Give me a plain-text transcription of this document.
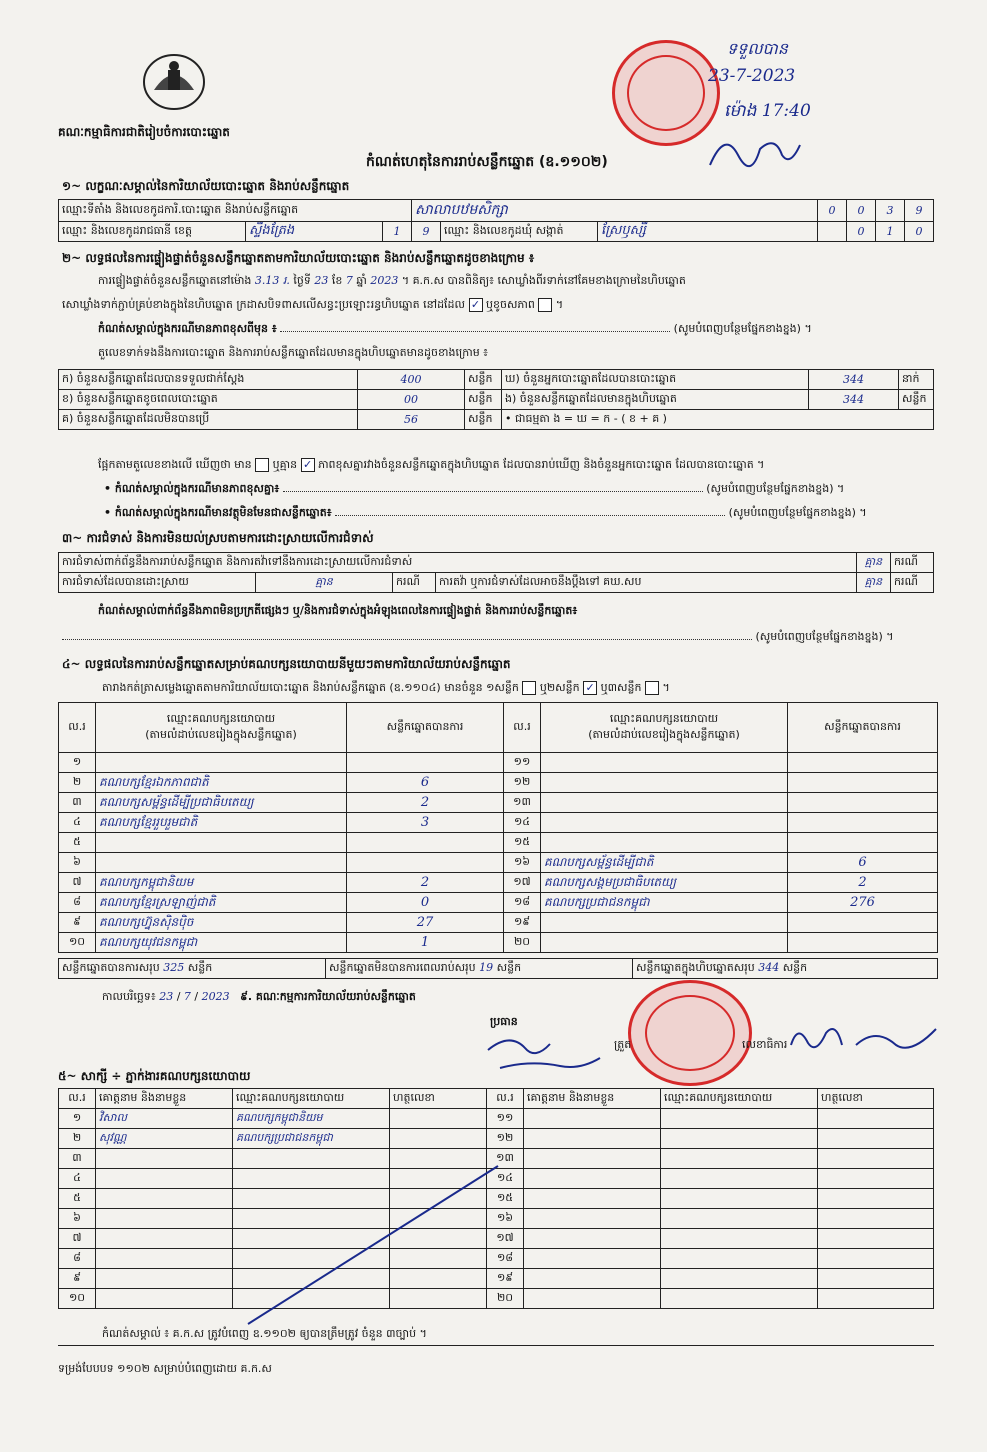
គណៈកម្មាធិការជាតិរៀបចំការបោះឆ្នោត
ទទួលបាន
23-7-2023
ម៉ោង 17:40
កំណត់ហេតុនៃការរាប់សន្លឹកឆ្នោត (ឧ.១១០២)
១~ លក្ខណៈសម្គាល់នៃការិយាល័យបោះឆ្នោត និងរាប់សន្លឹកឆ្នោត
ឈ្មោះទីតាំង និងលេខកូដការិ.បោះឆ្នោត និងរាប់សន្លឹកឆ្នោត			សាលាបឋមសិក្សា			0	0	3	9
ឈ្មោះ និងលេខកូដរាជធានី ខេត្ត	ស្ទឹងត្រែង	1	9	ឈ្មោះ និងលេខកូដឃុំ សង្កាត់	ស្រែឫស្សី		0	1	0
២~ លទ្ធផលនៃការផ្ទៀងផ្ទាត់ចំនួនសន្លឹកឆ្នោតតាមការិយាល័យបោះឆ្នោត និងរាប់សន្លឹកឆ្នោតដូចខាងក្រោម ៖
ការផ្ទៀងផ្ទាត់ចំនួនសន្លឹកឆ្នោតនៅម៉ោង 3.13 រ. ថ្ងៃទី 23 ខែ 7 ឆ្នាំ 2023 ។ គ.ក.ស បានពិនិត្យ៖ សោឃ្លាំងពីរទាក់នៅគែមខាងក្រោមនៃហិបឆ្នោត
សោឃ្លាំងទាក់ភ្ជាប់គ្រប់ខាងក្នុងនៃហិបឆ្នោត ក្រដាសបិទពាសលើសន្ធះប្រឡោះរន្ធហិបឆ្នោត នៅដដែល ✓ ឬខូចសភាព ។
កំណត់សម្គាល់ក្នុងករណីមានភាពខុសពីមុន ៖	(សូមបំពេញបន្ថែមផ្នែកខាងខ្នង) ។
តួលេខទាក់ទងនឹងការបោះឆ្នោត និងការរាប់សន្លឹកឆ្នោតដែលមានក្នុងហិបឆ្នោតមានដូចខាងក្រោម ៖
ក) ចំនួនសន្លឹកឆ្នោតដែលបានទទួលជាក់ស្តែង	400	សន្លឹក	ឃ) ចំនួនអ្នកបោះឆ្នោតដែលបានបោះឆ្នោត	344	នាក់
ខ) ចំនួនសន្លឹកឆ្នោតខូចពេលបោះឆ្នោត	00	សន្លឹក	ង) ចំនួនសន្លឹកឆ្នោតដែលមានក្នុងហិបឆ្នោត	344	សន្លឹក
គ) ចំនួនសន្លឹកឆ្នោតដែលមិនបានប្រើ	56	សន្លឹក	• ជាធម្មតា ង = ឃ = ក - ( ខ + គ )		
ផ្អែកតាមតួលេខខាងលើ ឃើញថា មាន ឬគ្មាន ✓ ភាពខុសគ្នារវាងចំនួនសន្លឹកឆ្នោតក្នុងហិបឆ្នោត ដែលបានរាប់ឃើញ និងចំនួនអ្នកបោះឆ្នោត ដែលបានបោះឆ្នោត ។
• កំណត់សម្គាល់ក្នុងករណីមានភាពខុសគ្នា៖	(សូមបំពេញបន្ថែមផ្នែកខាងខ្នង) ។
• កំណត់សម្គាល់ក្នុងករណីមានវត្ថុមិនមែនជាសន្លឹកឆ្នោត៖	(សូមបំពេញបន្ថែមផ្នែកខាងខ្នង) ។
៣~ ការជំទាស់ និងការមិនយល់ស្របតាមការដោះស្រាយលើការជំទាស់
ការជំទាស់ពាក់ព័ន្ធនឹងការរាប់សន្លឹកឆ្នោត និងការតវ៉ាទៅនឹងការដោះស្រាយលើការជំទាស់				គ្មាន	ករណី
ការជំទាស់ដែលបានដោះស្រាយ	គ្មាន	ករណី	ការតវ៉ា ឬការជំទាស់ដែលអាចនឹងប្តឹងទៅ គឃ.សប	គ្មាន	ករណី
កំណត់សម្គាល់ពាក់ព័ន្ធនឹងភាពមិនប្រក្រតីផ្សេងៗ ឬ/និងការជំទាស់ក្នុងអំឡុងពេលនៃការផ្ទៀងផ្ទាត់ និងការរាប់សន្លឹកឆ្នោត៖
(សូមបំពេញបន្ថែមផ្នែកខាងខ្នង) ។
៤~ លទ្ធផលនៃការរាប់សន្លឹកឆ្នោតសម្រាប់គណបក្សនយោបាយនីមួយៗតាមការិយាល័យរាប់សន្លឹកឆ្នោត
តារាងកត់ត្រាសម្លេងឆ្នោតតាមការិយាល័យបោះឆ្នោត និងរាប់សន្លឹកឆ្នោត (ឧ.១១០៤) មានចំនួន ១សន្លឹក ឬ២សន្លឹក ✓ ឬ៣សន្លឹក ។
ល.រ	ឈ្មោះគណបក្សនយោបាយ
(តាមលំដាប់លេខរៀងក្នុងសន្លឹកឆ្នោត)	សន្លឹកឆ្នោតបានការ	ល.រ	ឈ្មោះគណបក្សនយោបាយ
(តាមលំដាប់លេខរៀងក្នុងសន្លឹកឆ្នោត)	សន្លឹកឆ្នោតបានការ
១			១១		
២	គណបក្សខ្មែរឯកភាពជាតិ	6	១២		
៣	គណបក្សសម្ព័ន្ធដើម្បីប្រជាធិបតេយ្យ	2	១៣		
៤	គណបក្សខ្មែររួបរួមជាតិ	3	១៤		
៥			១៥		
៦			១៦	គណបក្សសម្ព័ន្ធដើម្បីជាតិ	6
៧	គណបក្សកម្ពុជានិយម	2	១៧	គណបក្សសង្គមប្រជាធិបតេយ្យ	2
៨	គណបក្សខ្មែរស្រឡាញ់ជាតិ	0	១៨	គណបក្សប្រជាជនកម្ពុជា	276
៩	គណបក្សហ្វ៊ុនស៊ិនប៉ិច	27	១៩		
១០	គណបក្សយុវជនកម្ពុជា	1	២០		
សន្លឹកឆ្នោតបានការសរុប 325 សន្លឹក	សន្លឹកឆ្នោតមិនបានការពេលរាប់សរុប 19 សន្លឹក	សន្លឹកឆ្នោតក្នុងហិបឆ្នោតសរុប 344 សន្លឹក
កាលបរិច្ឆេទ៖ 23 / 7 / 2023 ៩. គណៈកម្មការការិយាល័យរាប់សន្លឹកឆ្នោត
ប្រធាន
ត្រួត	លេខាធិការ
៥~ សាក្សី ÷ ភ្នាក់ងារគណបក្សនយោបាយ
ល.រ	គោត្តនាម និងនាមខ្លួន	ឈ្មោះគណបក្សនយោបាយ	ហត្ថលេខា	ល.រ	គោត្តនាម និងនាមខ្លួន	ឈ្មោះគណបក្សនយោបាយ	ហត្ថលេខា
១	វិសាល	គណបក្សកម្ពុជានិយម		១១			
២	សុវណ្ណ	គណបក្សប្រជាជនកម្ពុជា		១២			
៣				១៣			
៤				១៤			
៥				១៥			
៦				១៦			
៧				១៧			
៨				១៨			
៩				១៩			
១០				២០			
កំណត់សម្គាល់ ៖ គ.ក.ស ត្រូវបំពេញ ឧ.១១០២ ឲ្យបានត្រឹមត្រូវ ចំនួន ៣ច្បាប់ ។
ទម្រង់បែបបទ ១១០២ សម្រាប់បំពេញដោយ គ.ក.ស
